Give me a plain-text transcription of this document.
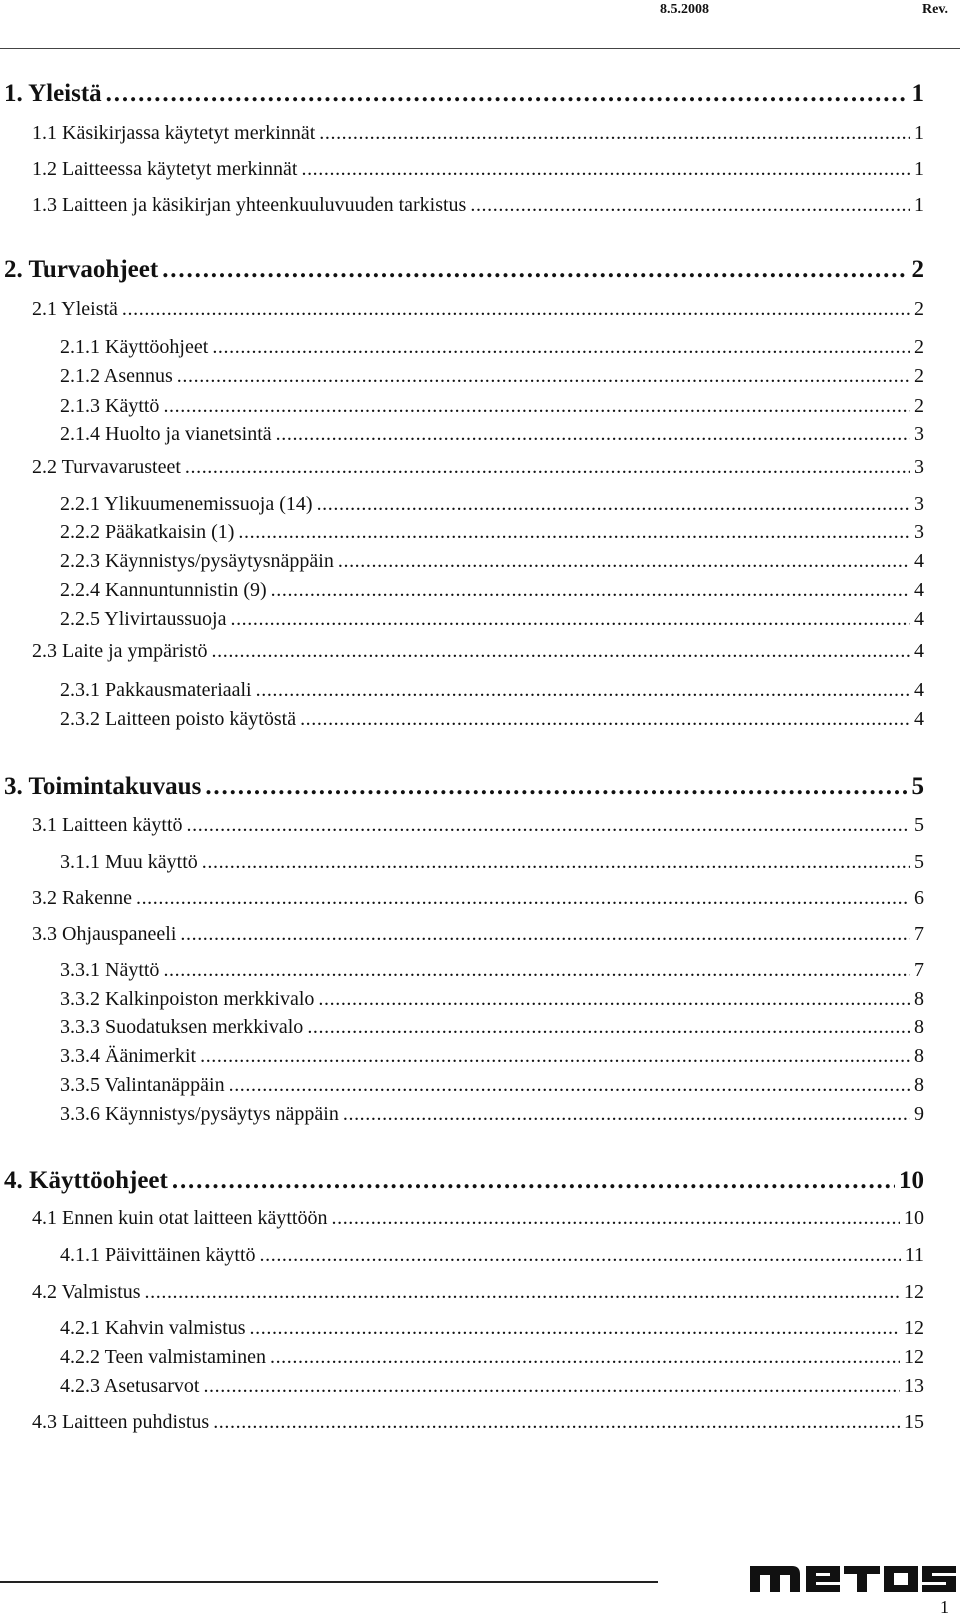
8.5.2008	Rev.
1. Yleistä . . .	1
1.1 Käsikirjassa käytetyt merkinnät . . .	1
1.2 Laitteessa käytetyt merkinnät . . .	1
1.3 Laitteen ja käsikirjan yhteenkuuluvuuden tarkistus . . .	1
2. Turvaohjeet . . .	2
2.1 Yleistä . . .	2
2.1.1 Käyttöohjeet . . .	2
2.1.2 Asennus . . .	2
2.1.3 Käyttö . . .	2
2.1.4 Huolto ja vianetsintä . . .	3
2.2 Turvavarusteet . . .	3
2.2.1 Ylikuumenemissuoja (14) . . .	3
2.2.2 Pääkatkaisin (1) . . .	3
2.2.3 Käynnistys/pysäytysnäppäin . . .	4
2.2.4 Kannuntunnistin (9) . . .	4
2.2.5 Ylivirtaussuoja . . .	4
2.3 Laite ja ympäristö . . .	4
2.3.1 Pakkausmateriaali . . .	4
2.3.2 Laitteen poisto käytöstä . . .	4
3. Toimintakuvaus . . .	5
3.1 Laitteen käyttö . . .	5
3.1.1 Muu käyttö . . .	5
3.2 Rakenne . . .	6
3.3 Ohjauspaneeli . . .	7
3.3.1 Näyttö . . .	7
3.3.2 Kalkinpoiston merkkivalo . . .	8
3.3.3 Suodatuksen merkkivalo . . .	8
3.3.4 Äänimerkit . . .	8
3.3.5 Valintanäppäin . . .	8
3.3.6 Käynnistys/pysäytys näppäin . . .	9
4. Käyttöohjeet . . .	10
4.1 Ennen kuin otat laitteen käyttöön . . .	10
4.1.1 Päivittäinen käyttö . . .	11
4.2 Valmistus . . .	12
4.2.1 Kahvin valmistus . . .	12
4.2.2 Teen valmistaminen . . .	12
4.2.3 Asetusarvot . . .	13
4.3 Laitteen puhdistus . . .	15
1
